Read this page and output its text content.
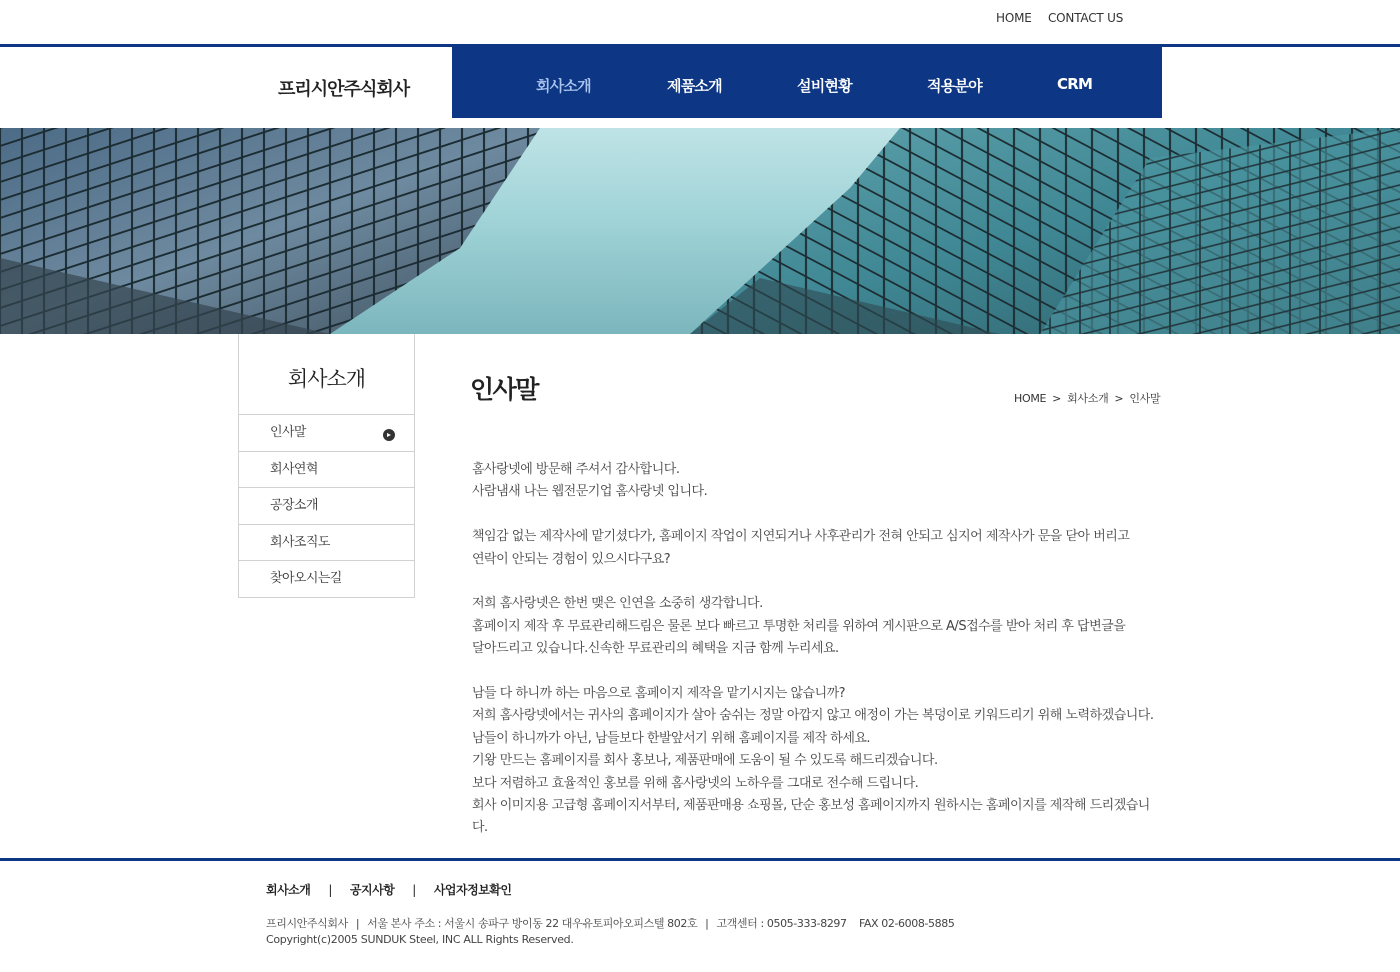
HOME CONTACT US
프리시안주식회사	회사소개	제품소개	설비현황	적용분야	CRM
회사소개
인사말
회사연혁
공장소개
회사조직도
찾아오시는길
인사말	HOME > 회사소개 > 인사말

홈사랑넷에 방문해 주셔서 감사합니다.
사람냄새 나는 웹전문기업 홈사랑넷 입니다.

책임감 없는 제작사에 맡기셨다가, 홈페이지 작업이 지연되거나 사후관리가 전혀 안되고 심지어 제작사가 문을 닫아 버리고
연락이 안되는 경험이 있으시다구요?

저희 홈사랑넷은 한번 맺은 인연을 소중히 생각합니다.
홈페이지 제작 후 무료관리해드림은 물론 보다 빠르고 투명한 처리를 위하여 게시판으로 A/S접수를 받아 처리 후 답변글을
달아드리고 있습니다.신속한 무료관리의 혜택을 지금 함께 누리세요.

남들 다 하니까 하는 마음으로 홈페이지 제작을 맡기시지는 않습니까?
저희 홈사랑넷에서는 귀사의 홈페이지가 살아 숨쉬는 정말 아깝지 않고 애정이 가는 복덩이로 키워드리기 위해 노력하겠습니다.
남들이 하니까가 아닌, 남들보다 한발앞서기 위해 홈페이지를 제작 하세요.
기왕 만드는 홈페이지를 회사 홍보나, 제품판매에 도움이 될 수 있도록 해드리겠습니다.
보다 저렴하고 효율적인 홍보를 위해 홈사랑넷의 노하우를 그대로 전수해 드립니다.
회사 이미지용 고급형 홈페이지서부터, 제품판매용 쇼핑몰, 단순 홍보성 홈페이지까지 원하시는 홈페이지를 제작해 드리겠습니다.

회사소개 | 공지사항 | 사업자정보확인
프리시안주식회사 | 서울 본사 주소 : 서울시 송파구 방이동 22 대우유토피아오피스텔 802호 | 고객센터 : 0505-333-8297 FAX 02-6008-5885
Copyright(c)2005 SUNDUK Steel, INC ALL Rights Reserved.
